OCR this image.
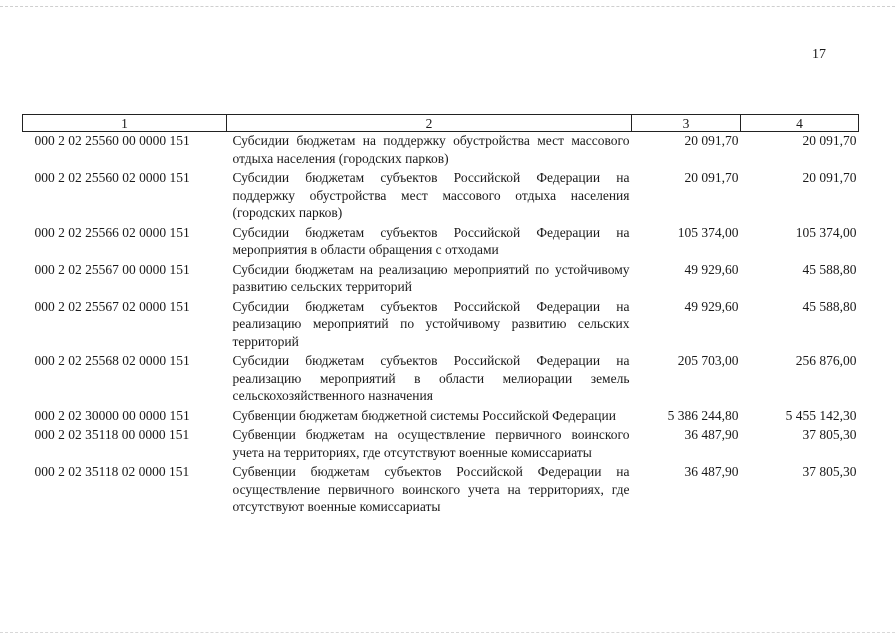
17
1	2	3	4
000 2 02 25560 00 0000 151	Субсидии бюджетам на поддержку обустройства мест массового отдыха населения (городских парков)	20 091,70	20 091,70
000 2 02 25560 02 0000 151	Субсидии бюджетам субъектов Российской Федерации на поддержку обустройства мест массового отдыха населения (городских парков)	20 091,70	20 091,70
000 2 02 25566 02 0000 151	Субсидии бюджетам субъектов Российской Федерации на мероприятия в области обращения с отходами	105 374,00	105 374,00
000 2 02 25567 00 0000 151	Субсидии бюджетам на реализацию мероприятий по устойчивому развитию сельских территорий	49 929,60	45 588,80
000 2 02 25567 02 0000 151	Субсидии бюджетам субъектов Российской Федерации на реализацию мероприятий по устойчивому развитию сельских территорий	49 929,60	45 588,80
000 2 02 25568 02 0000 151	Субсидии бюджетам субъектов Российской Федерации на реализацию мероприятий в области мелиорации земель сельскохозяйственного назначения	205 703,00	256 876,00
000 2 02 30000 00 0000 151	Субвенции бюджетам бюджетной системы Российской Федерации	5 386 244,80	5 455 142,30
000 2 02 35118 00 0000 151	Субвенции бюджетам на осуществление первичного воинского учета на территориях, где отсутствуют военные комиссариаты	36 487,90	37 805,30
000 2 02 35118 02 0000 151	Субвенции бюджетам субъектов Российской Федерации на осуществление первичного воинского учета на территориях, где отсутствуют военные комиссариаты	36 487,90	37 805,30
